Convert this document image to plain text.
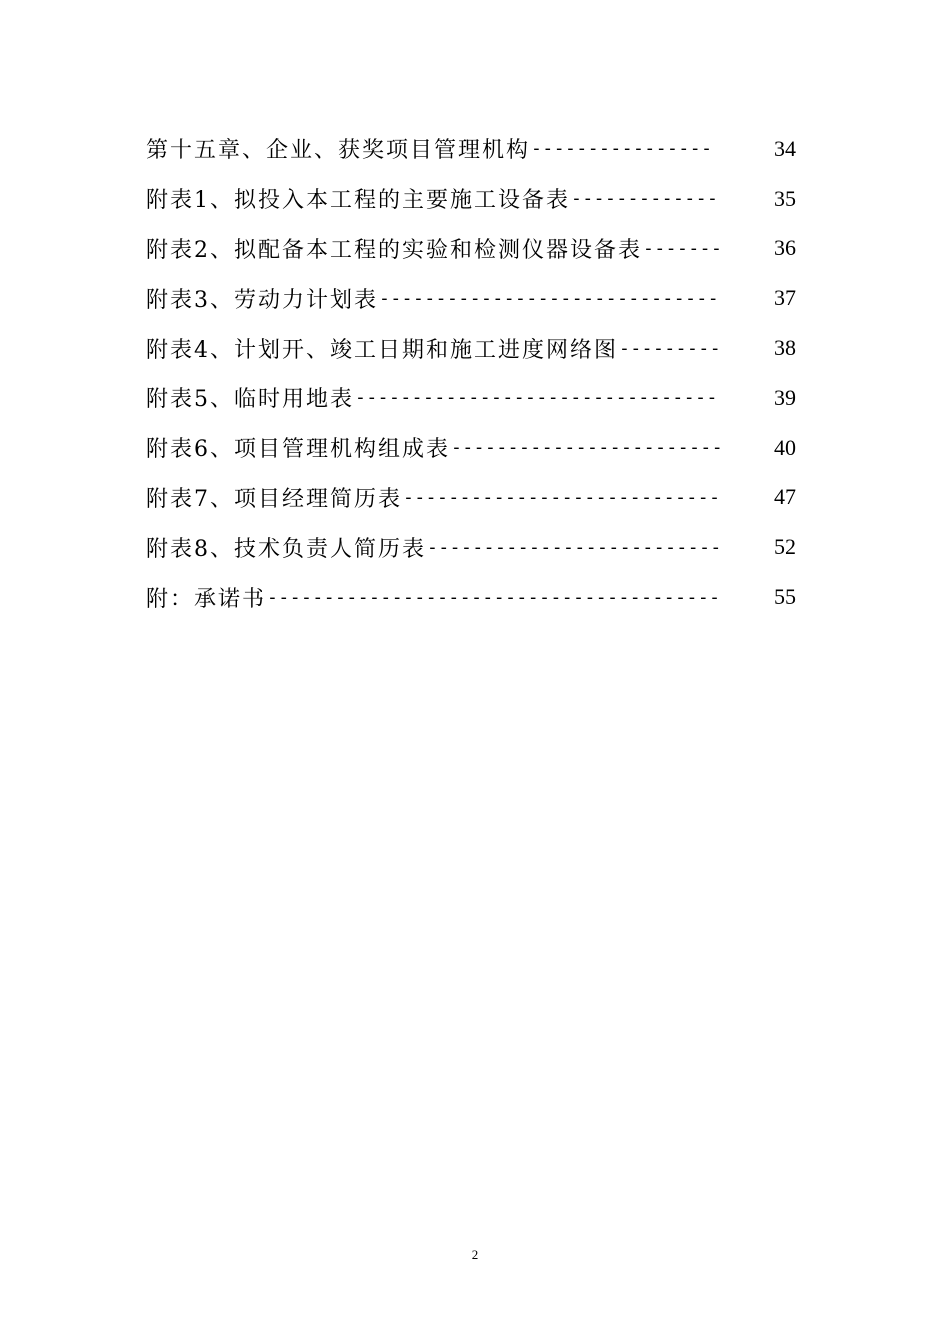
第十五章、企业、获奖项目管理机构 ----------------	34
附表1、拟投入本工程的主要施工设备表 -------------	35
附表2、拟配备本工程的实验和检测仪器设备表 -------	36
附表3、劳动力计划表 ------------------------------	37
附表4、计划开、竣工日期和施工进度网络图 ---------	38
附表5、临时用地表 --------------------------------	39
附表6、项目管理机构组成表 ------------------------	40
附表7、项目经理简历表 ----------------------------	47
附表8、技术负责人简历表 --------------------------	52
附：承诺书 ----------------------------------------	55
2
